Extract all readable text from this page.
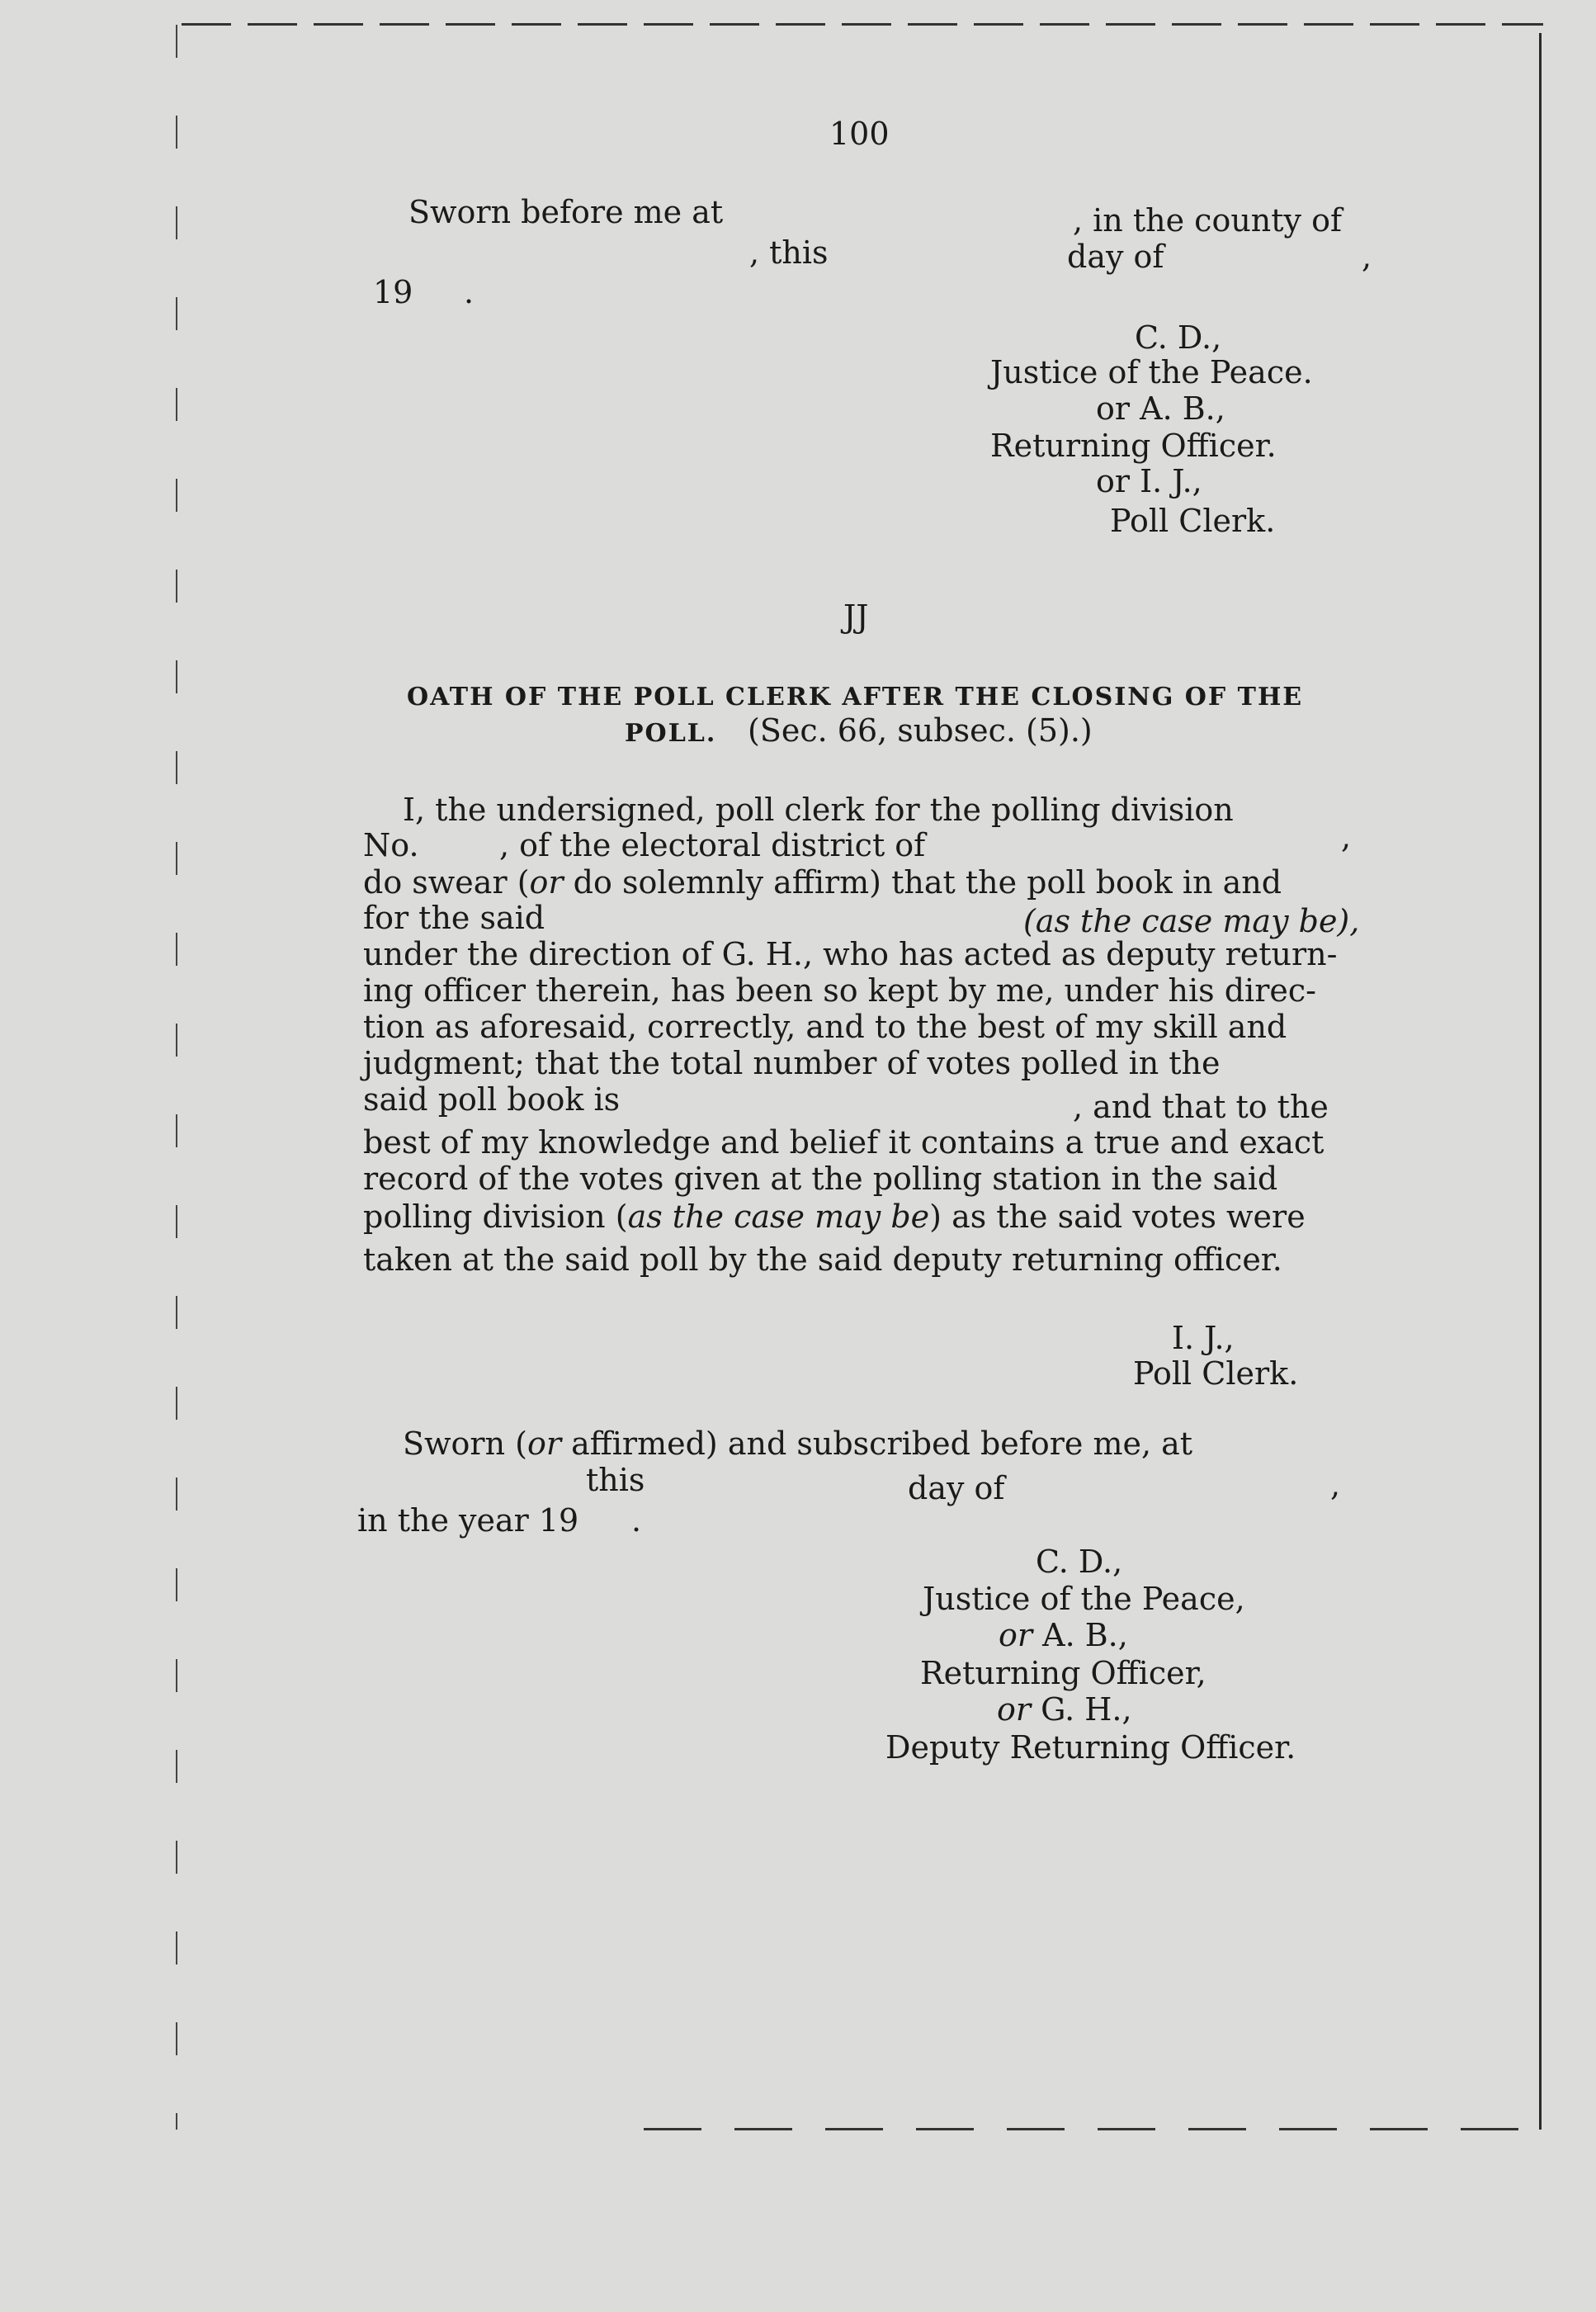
100
Sworn before me at	, in the county of
, this	day of	,
19 .
C. D.,
Justice of the Peace.
or A. B.,
Returning Officer.
or I. J.,
Poll Clerk.
JJ
OATH OF THE POLL CLERK AFTER THE CLOSING OF THE
POLL. (Sec. 66, subsec. (5).)
I, the undersigned, poll clerk for the polling division
No.	, of the electoral district of	,
do swear (or do solemnly affirm) that the poll book in and
for the said	(as the case may be),
under the direction of G. H., who has acted as deputy return-
ing officer therein, has been so kept by me, under his direc-
tion as aforesaid, correctly, and to the best of my skill and
judgment; that the total number of votes polled in the
said poll book is	, and that to the
best of my knowledge and belief it contains a true and exact
record of the votes given at the polling station in the said
polling division (as the case may be) as the said votes were
taken at the said poll by the said deputy returning officer.
I. J.,
Poll Clerk.
Sworn (or affirmed) and subscribed before me, at
this	day of	,
in the year 19 .
C. D.,
Justice of the Peace,
or A. B.,
Returning Officer,
or G. H.,
Deputy Returning Officer.
